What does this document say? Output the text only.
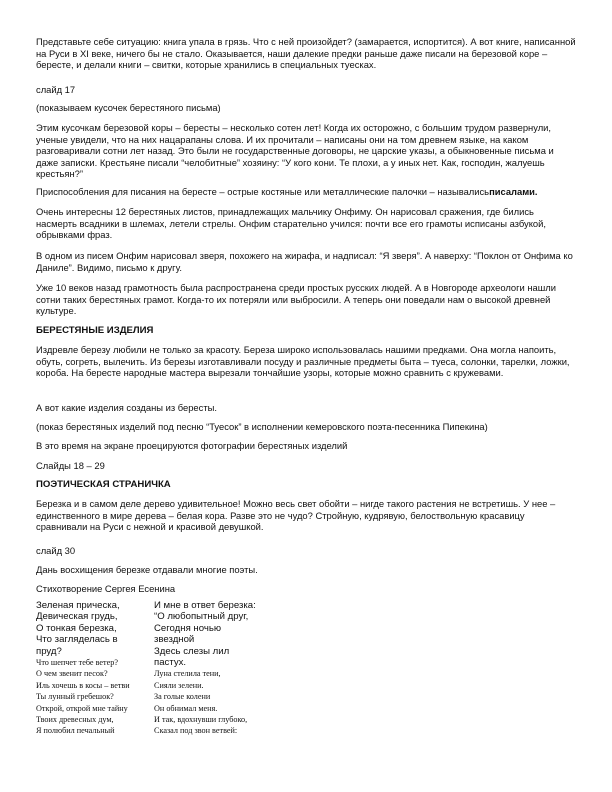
Представьте себе ситуацию: книга упала в грязь. Что с ней произойдет? (замарается, испортится). А вот книге, написанной на Руси в XI веке, ничего бы не стало. Оказывается, наши далекие предки раньше даже писали на березовой коре – бересте, и делали книги – свитки, которые хранились в специальных туесках.

слайд 17

(показываем кусочек берестяного письма)

Этим кусочкам березовой коры – бересты – несколько сотен лет! Когда их осторожно, с большим трудом развернули, ученые увидели, что на них нацарапаны слова. И их прочитали – написаны они на том древнем языке, на каком разговаривали сотни лет назад. Это были не государственные договоры, не царские указы, а обыкновенные письма и даже записки. Крестьяне писали “челобитные” хозяину: “У кого кони. Те плохи, а у иных нет. Как, господин, жалуешь крестьян?”

Приспособления для писания на бересте – острые костяные или металлические палочки – называлисьписалами.

Очень интересны 12 берестяных листов, принадлежащих мальчику Онфиму. Он нарисовал сражения, где бились насмерть всадники в шлемах, летели стрелы. Онфим старательно учился: почти все его грамоты исписаны азбукой, обрывками фраз.

В одном из писем Онфим нарисовал зверя, похожего на жирафа, и надписал: “Я зверя”. А наверху: “Поклон от Онфима ко Даниле”. Видимо, письмо к другу.

Уже 10 веков назад грамотность была распространена среди простых русских людей. А в Новгороде археологи нашли сотни таких берестяных грамот. Когда-то их потеряли или выбросили. А теперь они поведали нам о высокой древней культуре.

БЕРЕСТЯНЫЕ ИЗДЕЛИЯ

Издревле березу любили не только за красоту. Береза широко использовалась нашими предками. Она могла напоить, обуть, согреть, вылечить. Из березы изготавливали посуду и различные предметы быта – туеса, солонки, тарелки, ложки, короба. На бересте народные мастера вырезали тончайшие узоры, которые можно сравнить с кружевами.

А вот какие изделия созданы из бересты.

(показ берестяных изделий под песню “Туесок” в исполнении кемеровского поэта-песенника Пипекина)

В это время на экране проецируются фотографии берестяных изделий

Слайды 18 – 29

ПОЭТИЧЕСКАЯ СТРАНИЧКА

Березка и в самом деле дерево удивительное! Можно весь свет обойти – нигде такого растения не встретишь. У нее – единственного в мире дерева – белая кора. Разве это не чудо? Стройную, кудрявую, белоствольную красавицу сравнивали на Руси с нежной и красивой девушкой.

слайд 30

Дань восхищения березке отдавали многие поэты.

Стихотворение Сергея Есенина

Зеленая прическа,	И мне в ответ березка:
Девическая грудь,	“О любопытный друг,
О тонкая березка,	Сегодня ночью
Что загляделась в	звездной
пруд?	Здесь слезы лил
Что шепчет тебе ветер?	пастух.
О чем звенит песок?	Луна стелила тени,
Иль хочешь в косы – ветви	Сияли зелени.
Ты лунный гребешок?	За голые колени
Открой, открой мне тайну	Он обнимал меня.
Твоих древесных дум,	И так, вдохнувши глубоко,
Я полюбил печальный	Сказал под звон ветвей:
